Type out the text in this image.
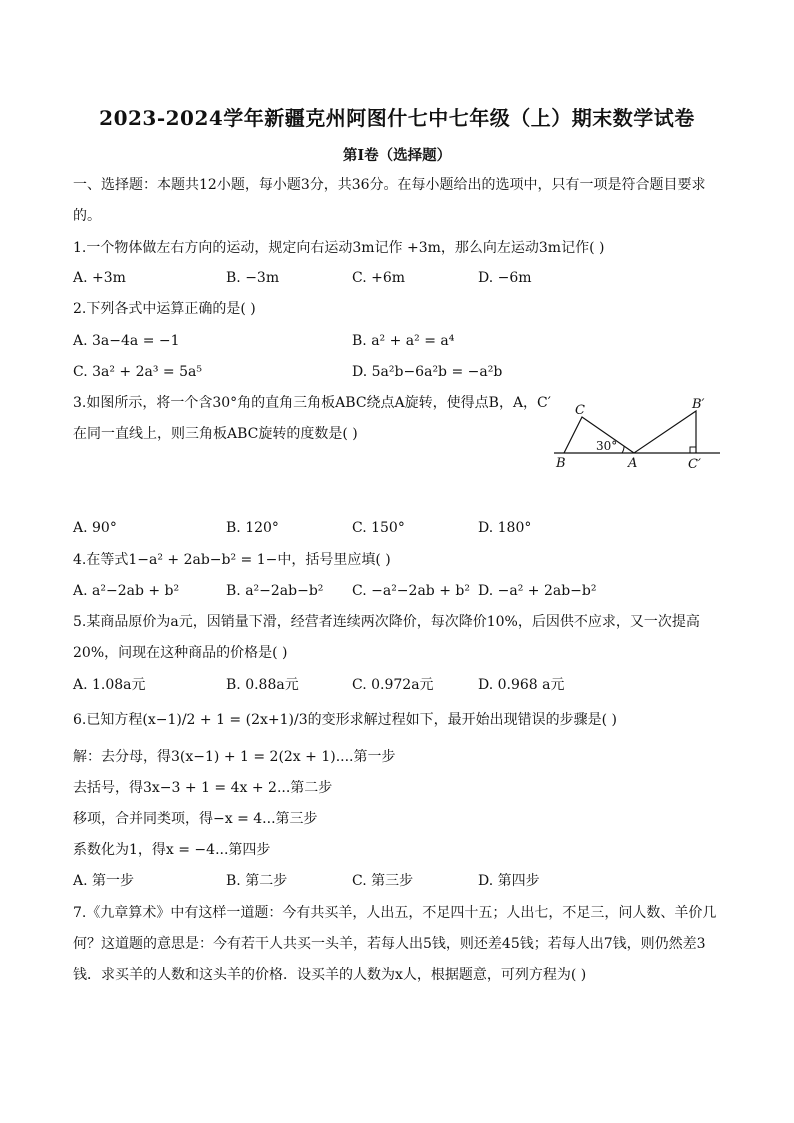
2023-2024学年新疆克州阿图什七中七年级（上）期末数学试卷
第Ⅰ卷（选择题）
一、选择题：本题共12小题，每小题3分，共36分。在每小题给出的选项中，只有一项是符合题目要求
的。
1.一个物体做左右方向的运动，规定向右运动3m记作 +3m，那么向左运动3m记作( )
A. +3m	B. −3m	C. +6m	D. −6m
2.下列各式中运算正确的是( )
A. 3a−4a = −1	B. a² + a² = a⁴
C. 3a² + 2a³ = 5a⁵	D. 5a²b−6a²b = −a²b
3.如图所示，将一个含30°角的直角三角板ABC绕点A旋转，使得点B，A，C′
在同一直线上，则三角板ABC旋转的度数是( )
C	B′
B	A	C′
30°
A. 90°	B. 120°	C. 150°	D. 180°
4.在等式1−a² + 2ab−b² = 1−中，括号里应填( )
A. a²−2ab + b²	B. a²−2ab−b² C. −a²−2ab + b² D. −a² + 2ab−b²
5.某商品原价为a元，因销量下滑，经营者连续两次降价，每次降价10%，后因供不应求，又一次提高
20%，问现在这种商品的价格是( )
A. 1.08a元	B. 0.88a元	C. 0.972a元	D. 0.968 a元
6.已知方程(x−1)/2 + 1 = (2x+1)/3的变形求解过程如下，最开始出现错误的步骤是( )
解：去分母，得3(x−1) + 1 = 2(2x + 1)....第一步
去括号，得3x−3 + 1 = 4x + 2...第二步
移项，合并同类项，得−x = 4...第三步
系数化为1，得x = −4...第四步
A. 第一步	B. 第二步	C. 第三步	D. 第四步
7.《九章算术》中有这样一道题：今有共买羊，人出五，不足四十五；人出七，不足三，问人数、羊价几
何？这道题的意思是：今有若干人共买一头羊，若每人出5钱，则还差45钱；若每人出7钱，则仍然差3
钱．求买羊的人数和这头羊的价格．设买羊的人数为x人，根据题意，可列方程为( )
